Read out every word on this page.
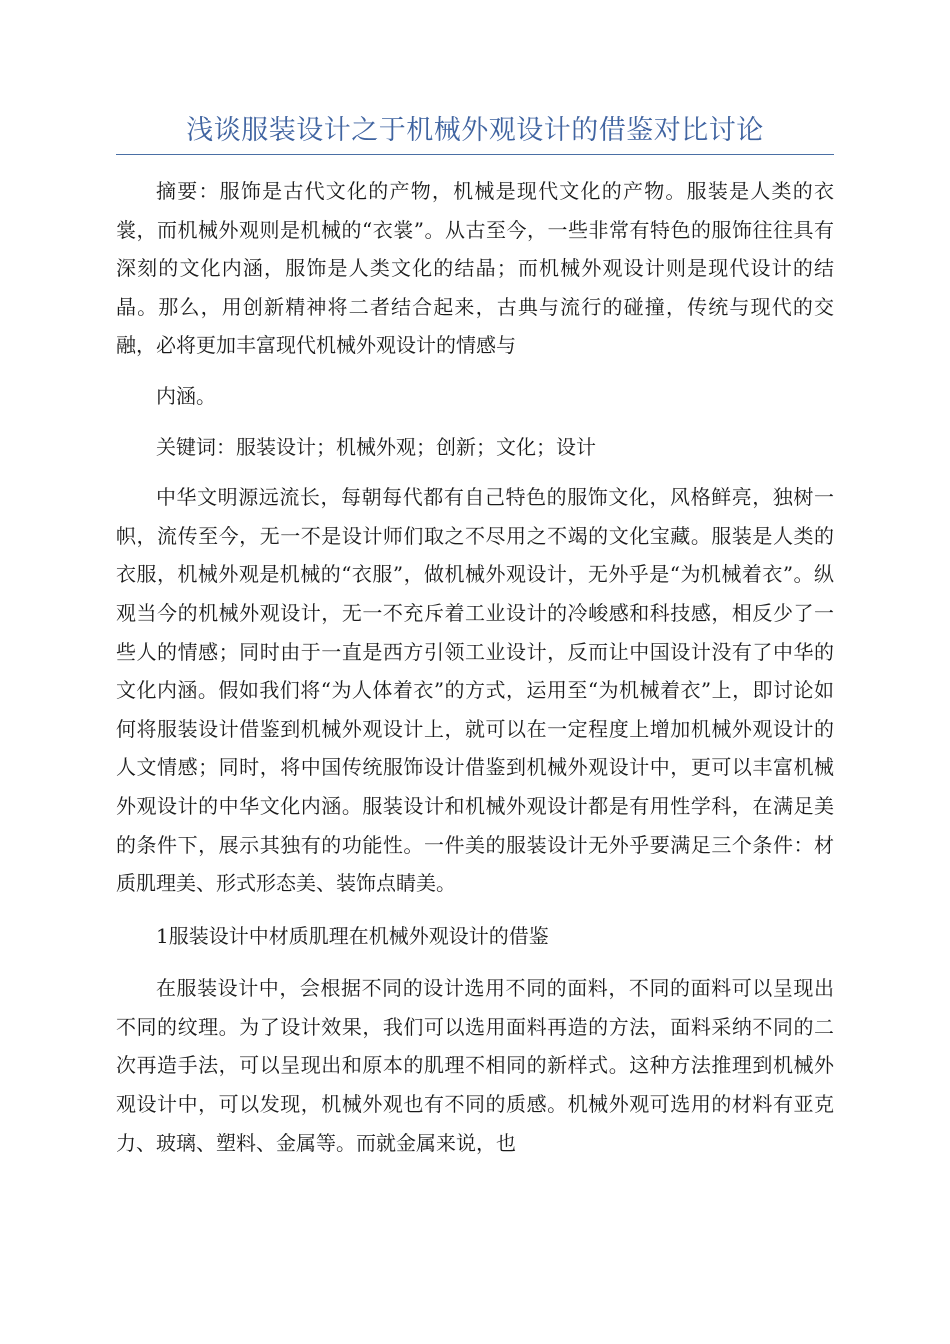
浅谈服装设计之于机械外观设计的借鉴对比讨论

摘要：服饰是古代文化的产物，机械是现代文化的产物。服装是人类的衣裳，而机械外观则是机械的“衣裳”。从古至今，一些非常有特色的服饰往往具有深刻的文化内涵，服饰是人类文化的结晶；而机械外观设计则是现代设计的结晶。那么，用创新精神将二者结合起来，古典与流行的碰撞，传统与现代的交融，必将更加丰富现代机械外观设计的情感与

内涵。

关键词：服装设计；机械外观；创新；文化；设计

中华文明源远流长，每朝每代都有自己特色的服饰文化，风格鲜亮，独树一帜，流传至今，无一不是设计师们取之不尽用之不竭的文化宝藏。服装是人类的衣服，机械外观是机械的“衣服”，做机械外观设计，无外乎是“为机械着衣”。纵观当今的机械外观设计，无一不充斥着工业设计的冷峻感和科技感，相反少了一些人的情感；同时由于一直是西方引领工业设计，反而让中国设计没有了中华的文化内涵。假如我们将“为人体着衣”的方式，运用至“为机械着衣”上，即讨论如何将服装设计借鉴到机械外观设计上，就可以在一定程度上增加机械外观设计的人文情感；同时，将中国传统服饰设计借鉴到机械外观设计中，更可以丰富机械外观设计的中华文化内涵。服装设计和机械外观设计都是有用性学科，在满足美的条件下，展示其独有的功能性。一件美的服装设计无外乎要满足三个条件：材质肌理美、形式形态美、装饰点睛美。

1服装设计中材质肌理在机械外观设计的借鉴

在服装设计中，会根据不同的设计选用不同的面料，不同的面料可以呈现出不同的纹理。为了设计效果，我们可以选用面料再造的方法，面料采纳不同的二次再造手法，可以呈现出和原本的肌理不相同的新样式。这种方法推理到机械外观设计中，可以发现，机械外观也有不同的质感。机械外观可选用的材料有亚克力、玻璃、塑料、金属等。而就金属来说，也
